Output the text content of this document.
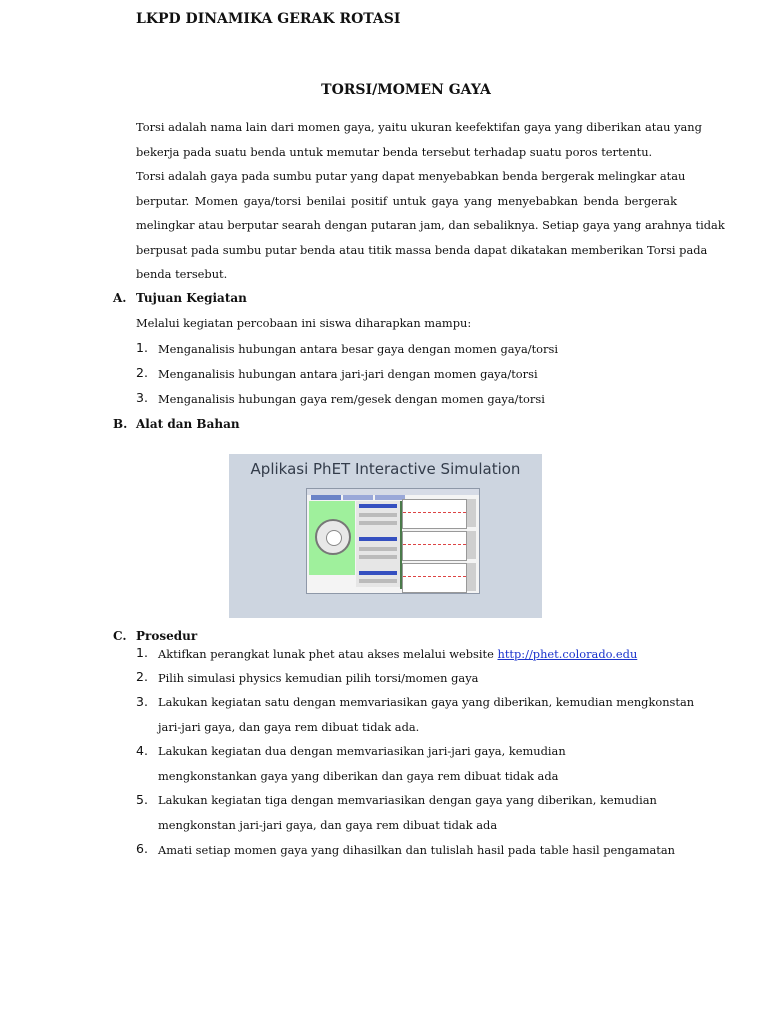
LKPD DINAMIKA GERAK ROTASI
TORSI/MOMEN GAYA
Torsi adalah nama lain dari momen gaya, yaitu ukuran keefektifan gaya yang diberikan atau yang
bekerja pada suatu benda untuk memutar benda tersebut terhadap suatu poros tertentu.
Torsi adalah gaya pada sumbu putar yang dapat menyebabkan benda bergerak melingkar atau
berputar. Momen gaya/torsi benilai positif untuk gaya yang menyebabkan benda bergerak
melingkar atau berputar searah dengan putaran jam, dan sebaliknya. Setiap gaya yang arahnya tidak
berpusat pada sumbu putar benda atau titik massa benda dapat dikatakan memberikan Torsi pada
benda tersebut.
A. Tujuan Kegiatan
Melalui kegiatan percobaan ini siswa diharapkan mampu:
1. Menganalisis hubungan antara besar gaya dengan momen gaya/torsi
2. Menganalisis hubungan antara jari-jari dengan momen gaya/torsi
3. Menganalisis hubungan gaya rem/gesek dengan momen gaya/torsi
B. Alat dan Bahan
Aplikasi PhET Interactive Simulation
C. Prosedur
1. Aktifkan perangkat lunak phet atau akses melalui website http://phet.colorado.edu
2. Pilih simulasi physics kemudian pilih torsi/momen gaya
3. Lakukan kegiatan satu dengan memvariasikan gaya yang diberikan, kemudian mengkonstan
jari-jari gaya, dan gaya rem dibuat tidak ada.
4. Lakukan kegiatan dua dengan memvariasikan jari-jari gaya, kemudian
mengkonstankan gaya yang diberikan dan gaya rem dibuat tidak ada
5. Lakukan kegiatan tiga dengan memvariasikan dengan gaya yang diberikan, kemudian
mengkonstan jari-jari gaya, dan gaya rem dibuat tidak ada
6. Amati setiap momen gaya yang dihasilkan dan tulislah hasil pada table hasil pengamatan
